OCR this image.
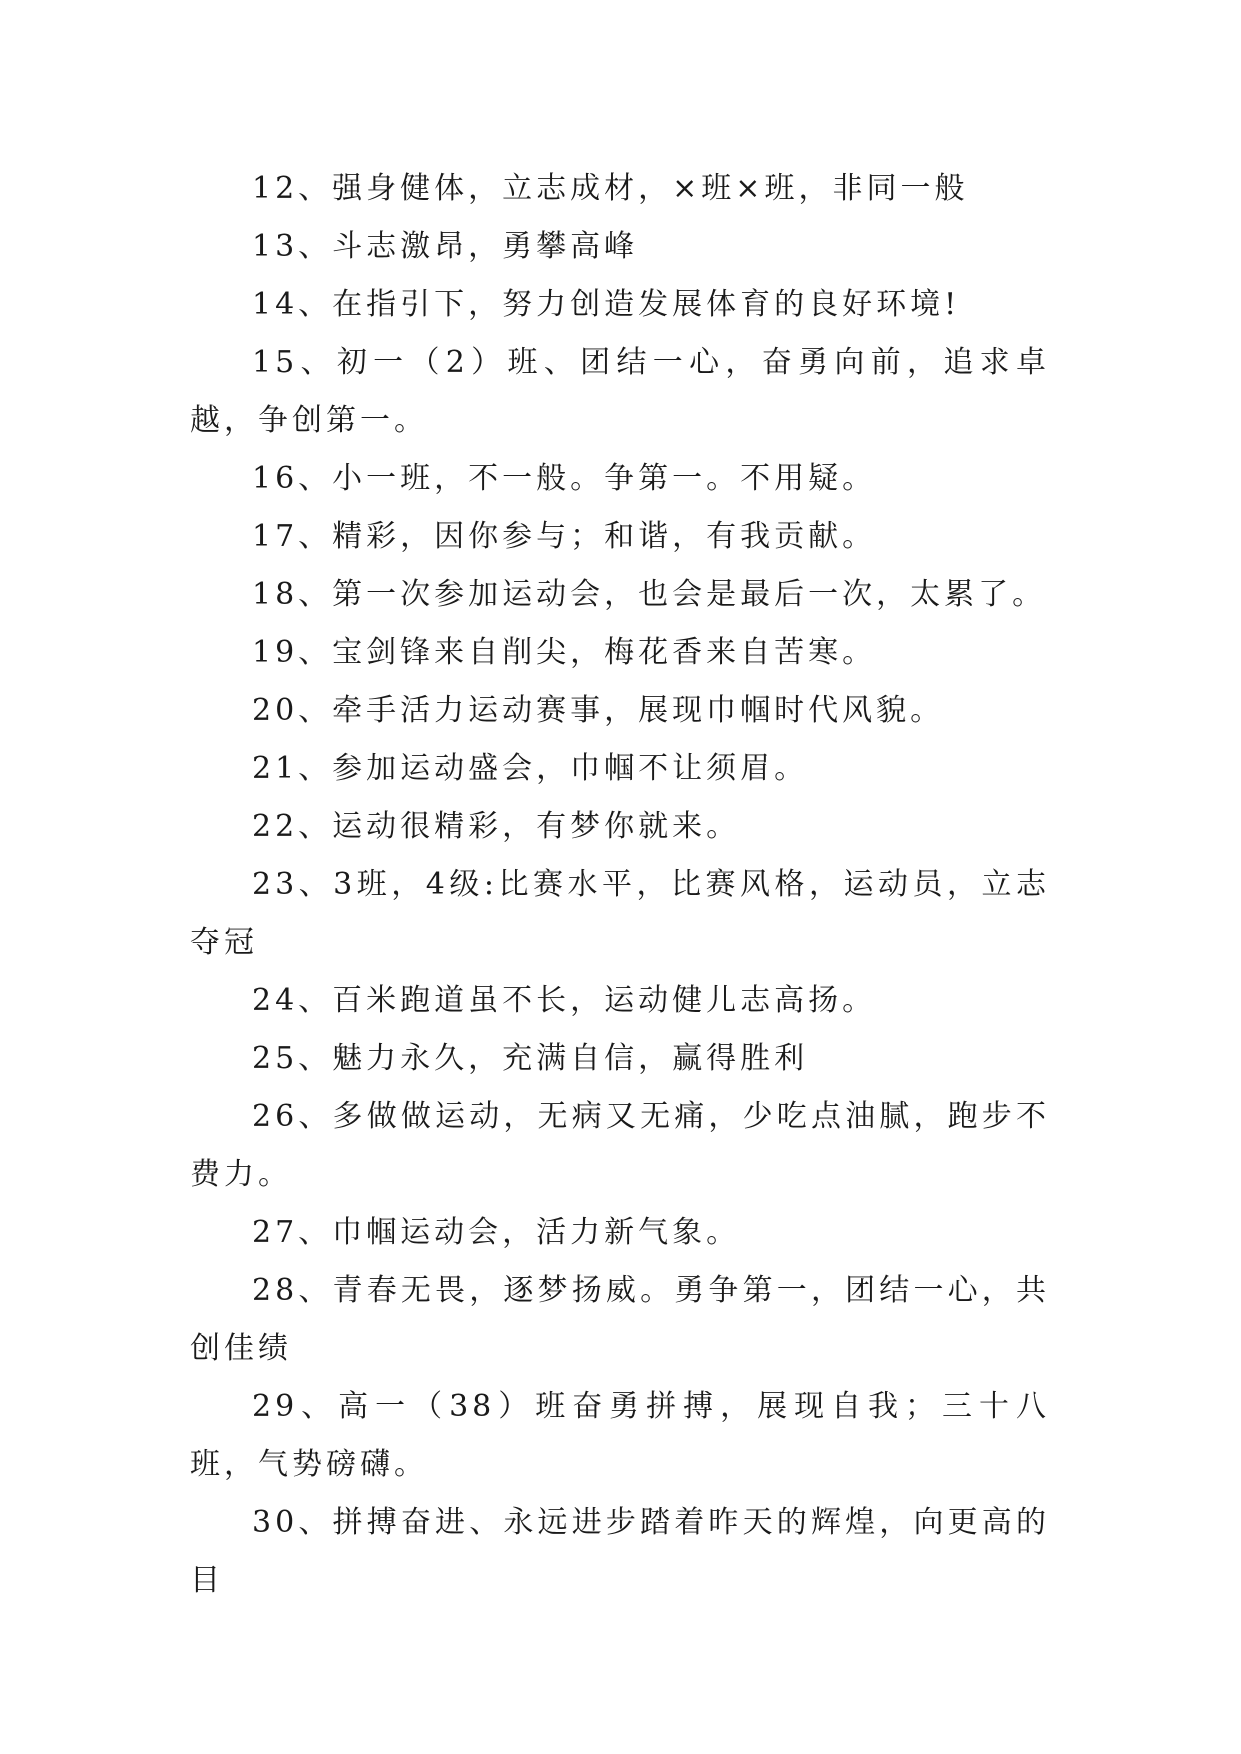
12、强身健体，立志成材，×班×班，非同一般

13、斗志激昂，勇攀高峰

14、在指引下，努力创造发展体育的良好环境!

15、初一（2）班、团结一心，奋勇向前，追求卓越，争创第一。

16、小一班，不一般。争第一。不用疑。

17、精彩，因你参与；和谐，有我贡献。

18、第一次参加运动会，也会是最后一次，太累了。

19、宝剑锋来自削尖，梅花香来自苦寒。

20、牵手活力运动赛事，展现巾帼时代风貌。

21、参加运动盛会，巾帼不让须眉。

22、运动很精彩，有梦你就来。

23、3班，4级:比赛水平，比赛风格，运动员，立志夺冠

24、百米跑道虽不长，运动健儿志高扬。

25、魅力永久，充满自信，赢得胜利

26、多做做运动，无病又无痛，少吃点油腻，跑步不费力。

27、巾帼运动会，活力新气象。

28、青春无畏，逐梦扬威。勇争第一，团结一心，共创佳绩

29、高一（38）班奋勇拼搏，展现自我；三十八班，气势磅礴。

30、拼搏奋进、永远进步踏着昨天的辉煌，向更高的目
